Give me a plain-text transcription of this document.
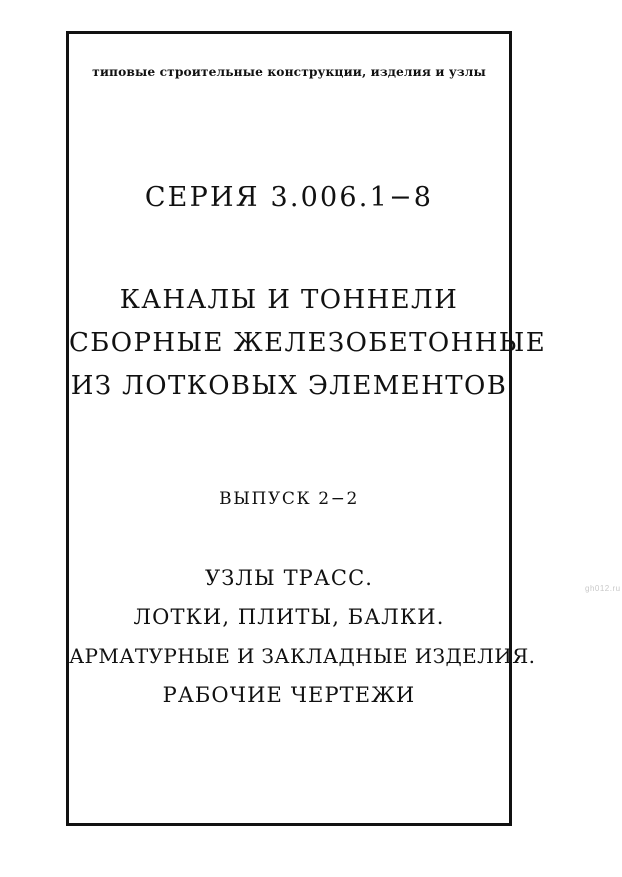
типовые строительные конструкции, изделия и узлы
СЕРИЯ 3.006.1−8
КАНАЛЫ И ТОННЕЛИ
СБОРНЫЕ ЖЕЛЕЗОБЕТОННЫЕ
ИЗ ЛОТКОВЫХ ЭЛЕМЕНТОВ
ВЫПУСК 2−2
УЗЛЫ ТРАСС.
ЛОТКИ, ПЛИТЫ, БАЛКИ.
АРМАТУРНЫЕ И ЗАКЛАДНЫЕ ИЗДЕЛИЯ.
РАБОЧИЕ ЧЕРТЕЖИ
gh012.ru
